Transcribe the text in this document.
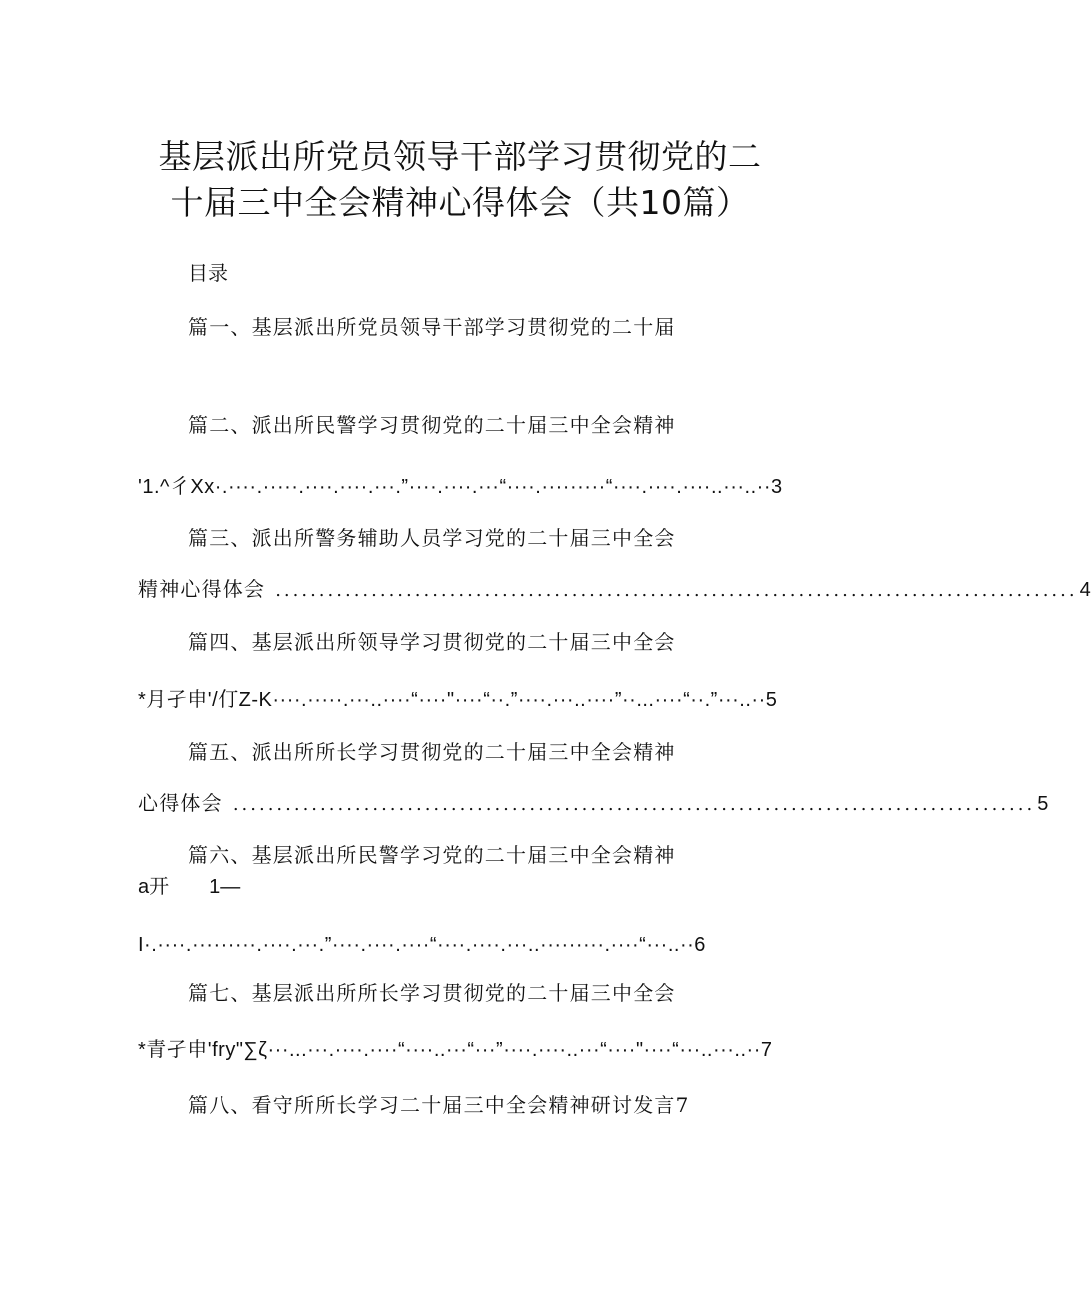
基层派出所党员领导干部学习贯彻党的二
十届三中全会精神心得体会（共10篇）
目录
篇一、基层派出所党员领导干部学习贯彻党的二十届
篇二、派出所民警学习贯彻党的二十届三中全会精神
'1.^彳Xx·.····.·····.····.····.···.”····.····.···“····.·········“····.····.····..···..··3
篇三、派出所警务辅助人员学习党的二十届三中全会
精神心得体会 ............................................................................................ 4
篇四、基层派出所领导学习贯彻党的二十届三中全会
*月孑申'/仃Z-K····.·····.···..····“····"····“··.”····.···..····”··...····“··.”···..··5
篇五、派出所所长学习贯彻党的二十届三中全会精神
心得体会 ............................................................................................ 5
篇六、基层派出所民警学习党的二十届三中全会精神
a开　　1—
I·.····.·········.····.···.”····.····.····“····.····.···..·········.····“···..··6
篇七、基层派出所所长学习贯彻党的二十届三中全会
*青孑申'fry"∑ζ···...···.····.····“····..···“···”····.····..···“····"····“···..···..··7
篇八、看守所所长学习二十届三中全会精神研讨发言7
